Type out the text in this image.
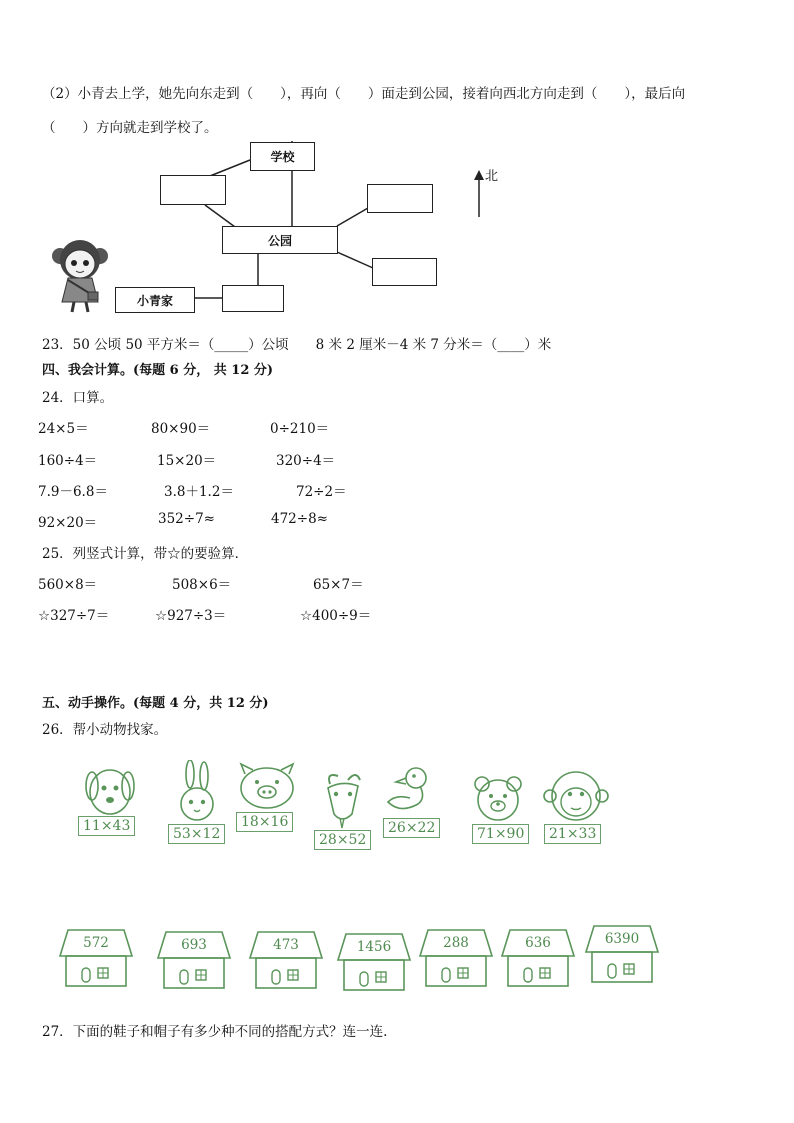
（2）小青去上学，她先向东走到（　　），再向（　　）面走到公园，接着向西北方向走到（　　），最后向
（　　）方向就走到学校了。
学校
公园
小青家
北
23．50 公顷 50 平方米＝（_____）公顷　　8 米 2 厘米－4 米 7 分米＝（____）米
四、我会计算。(每题 6 分， 共 12 分)
24．口算。
24×5＝	80×90＝	0÷210＝
160÷4＝	15×20＝	320÷4＝
7.9－6.8＝	3.8＋1.2＝	72÷2＝
92×20＝	352÷7≈	472÷8≈
25．列竖式计算，带☆的要验算．
560×8＝	508×6＝	65×7＝
☆327÷7＝	☆927÷3＝	☆400÷9＝
五、动手操作。(每题 4 分，共 12 分)
26．帮小动物找家。
11×43	53×12
18×16
28×52
26×22	71×90	21×33
572	693	473	1456	288	636	6390
27．下面的鞋子和帽子有多少种不同的搭配方式？连一连.
